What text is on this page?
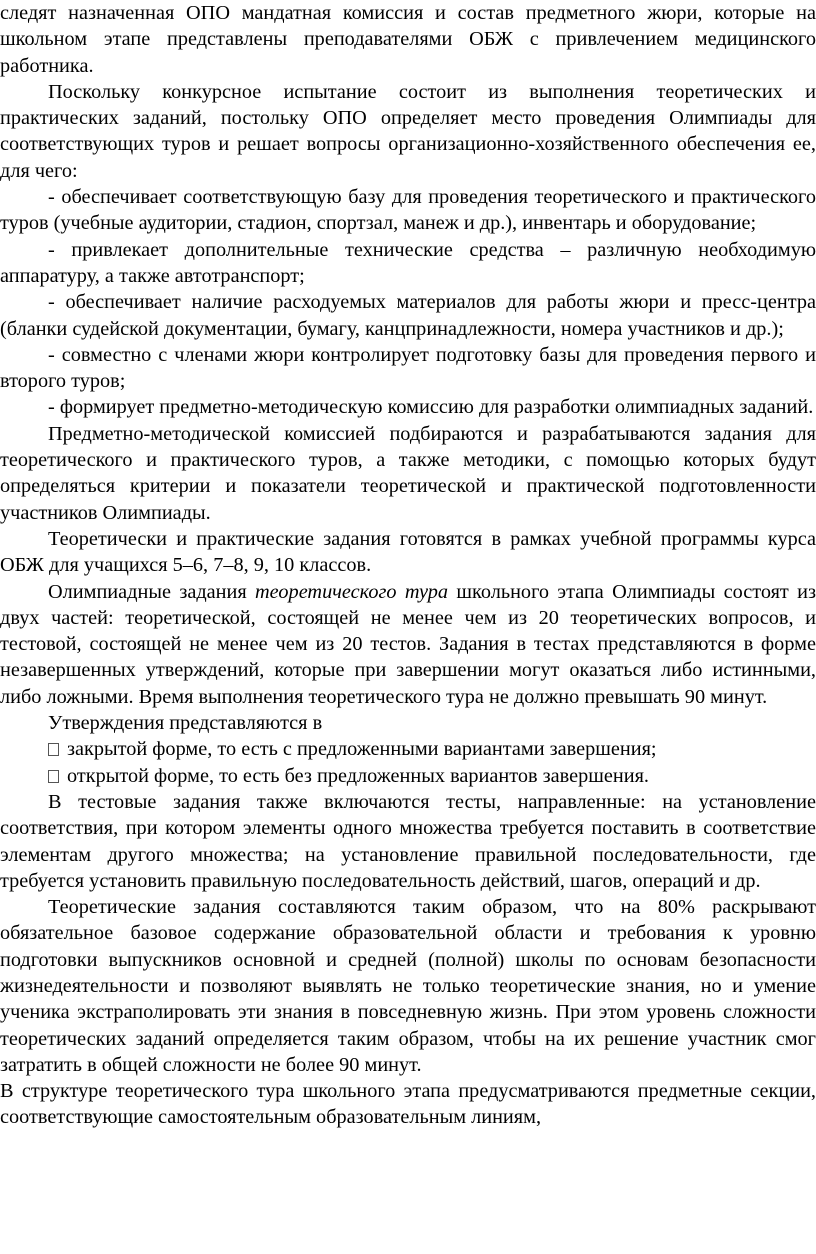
следят назначенная ОПО мандатная комиссия и состав предметного жюри, которые на школьном этапе представлены преподавателями ОБЖ с привлечением медицинского работника.

Поскольку конкурсное испытание состоит из выполнения теоретических и практических заданий, постольку ОПО определяет место проведения Олимпиады для соответствующих туров и решает вопросы организационно-хозяйственного обеспечения ее, для чего:

- обеспечивает соответствующую базу для проведения теоретического и практического туров (учебные аудитории, стадион, спортзал, манеж и др.), инвентарь и оборудование;

- привлекает дополнительные технические средства – различную необходимую аппаратуру, а также автотранспорт;

- обеспечивает наличие расходуемых материалов для работы жюри и пресс-центра (бланки судейской документации, бумагу, канцпринадлежности, номера участников и др.);

- совместно с членами жюри контролирует подготовку базы для проведения первого и второго туров;

- формирует предметно-методическую комиссию для разработки олимпиадных заданий.

Предметно-методической комиссией подбираются и разрабатываются задания для теоретического и практического туров, а также методики, с помощью которых будут определяться критерии и показатели теоретической и практической подготовленности участников Олимпиады.

Теоретически и практические задания готовятся в рамках учебной программы курса ОБЖ для учащихся 5–6, 7–8, 9, 10 классов.

Олимпиадные задания теоретического тура школьного этапа Олимпиады состоят из двух частей: теоретической, состоящей не менее чем из 20 теоретических вопросов, и тестовой, состоящей не менее чем из 20 тестов. Задания в тестах представляются в форме незавершенных утверждений, которые при завершении могут оказаться либо истинными, либо ложными. Время выполнения теоретического тура не должно превышать 90 минут.

Утверждения представляются в

закрытой форме, то есть с предложенными вариантами завершения;

открытой форме, то есть без предложенных вариантов завершения.

В тестовые задания также включаются тесты, направленные: на установление соответствия, при котором элементы одного множества требуется поставить в соответствие элементам другого множества; на установление правильной последовательности, где требуется установить правильную последовательность действий, шагов, операций и др.

Теоретические задания составляются таким образом, что на 80% раскрывают обязательное базовое содержание образовательной области и требования к уровню подготовки выпускников основной и средней (полной) школы по основам безопасности жизнедеятельности и позволяют выявлять не только теоретические знания, но и умение ученика экстраполировать эти знания в повседневную жизнь. При этом уровень сложности теоретических заданий определяется таким образом, чтобы на их решение участник смог затратить в общей сложности не более 90 минут.

В структуре теоретического тура школьного этапа предусматриваются предметные секции, соответствующие самостоятельным образовательным линиям,
